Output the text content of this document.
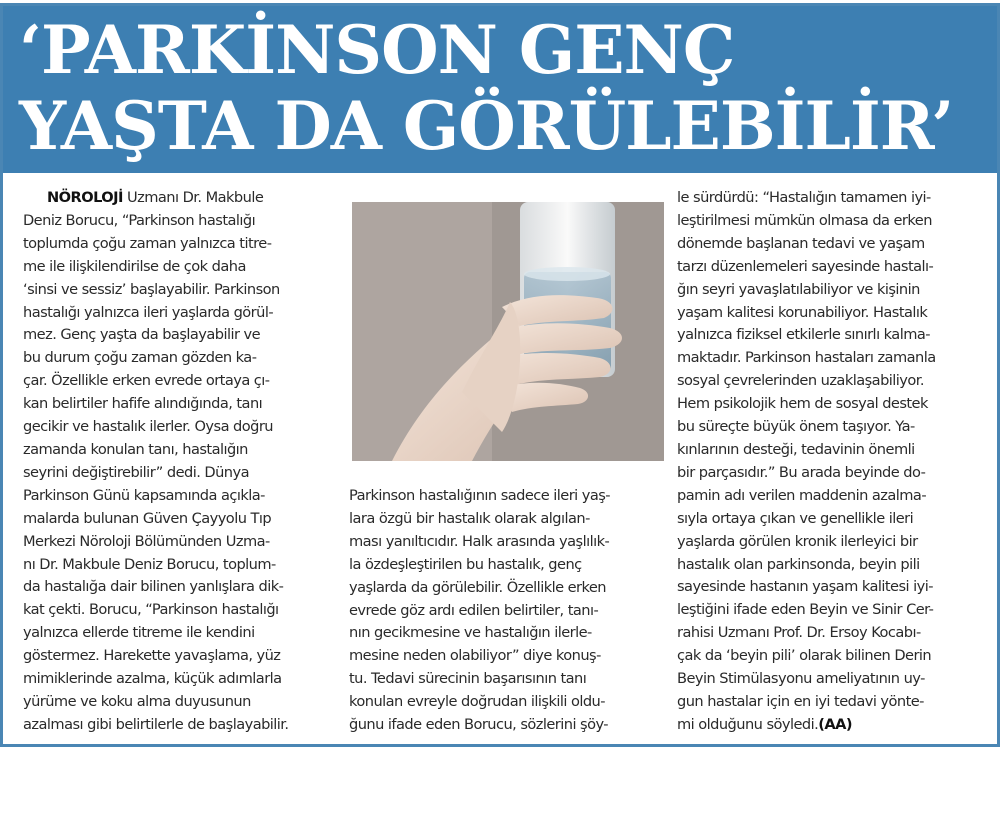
‘PARKİNSON GENÇ
YAŞTA DA GÖRÜLEBİLİR’

NÖROLOJİ Uzmanı Dr. Makbule
Deniz Borucu, “Parkinson hastalığı
toplumda çoğu zaman yalnızca titre-
me ile ilişkilendirilse de çok daha
‘sinsi ve sessiz’ başlayabilir. Parkinson
hastalığı yalnızca ileri yaşlarda görül-
mez. Genç yaşta da başlayabilir ve
bu durum çoğu zaman gözden ka-
çar. Özellikle erken evrede ortaya çı-
kan belirtiler hafife alındığında, tanı
gecikir ve hastalık ilerler. Oysa doğru
zamanda konulan tanı, hastalığın
seyrini değiştirebilir” dedi. Dünya
Parkinson Günü kapsamında açıkla-
malarda bulunan Güven Çayyolu Tıp
Merkezi Nöroloji Bölümünden Uzma-
nı Dr. Makbule Deniz Borucu, toplum-
da hastalığa dair bilinen yanlışlara dik-
kat çekti. Borucu, “Parkinson hastalığı
yalnızca ellerde titreme ile kendini
göstermez. Harekette yavaşlama, yüz
mimiklerinde azalma, küçük adımlarla
yürüme ve koku alma duyusunun
azalması gibi belirtilerle de başlayabilir.

Parkinson hastalığının sadece ileri yaş-
lara özgü bir hastalık olarak algılan-
ması yanıltıcıdır. Halk arasında yaşlılık-
la özdeşleştirilen bu hastalık, genç
yaşlarda da görülebilir. Özellikle erken
evrede göz ardı edilen belirtiler, tanı-
nın gecikmesine ve hastalığın ilerle-
mesine neden olabiliyor” diye konuş-
tu. Tedavi sürecinin başarısının tanı
konulan evreyle doğrudan ilişkili oldu-
ğunu ifade eden Borucu, sözlerini şöy-

le sürdürdü: “Hastalığın tamamen iyi-
leştirilmesi mümkün olmasa da erken
dönemde başlanan tedavi ve yaşam
tarzı düzenlemeleri sayesinde hastalı-
ğın seyri yavaşlatılabiliyor ve kişinin
yaşam kalitesi korunabiliyor. Hastalık
yalnızca fiziksel etkilerle sınırlı kalma-
maktadır. Parkinson hastaları zamanla
sosyal çevrelerinden uzaklaşabiliyor.
Hem psikolojik hem de sosyal destek
bu süreçte büyük önem taşıyor. Ya-
kınlarının desteği, tedavinin önemli
bir parçasıdır.” Bu arada beyinde do-
pamin adı verilen maddenin azalma-
sıyla ortaya çıkan ve genellikle ileri
yaşlarda görülen kronik ilerleyici bir
hastalık olan parkinsonda, beyin pili
sayesinde hastanın yaşam kalitesi iyi-
leştiğini ifade eden Beyin ve Sinir Cer-
rahisi Uzmanı Prof. Dr. Ersoy Kocabı-
çak da ‘beyin pili’ olarak bilinen Derin
Beyin Stimülasyonu ameliyatının uy-
gun hastalar için en iyi tedavi yönte-
mi olduğunu söyledi.(AA)
